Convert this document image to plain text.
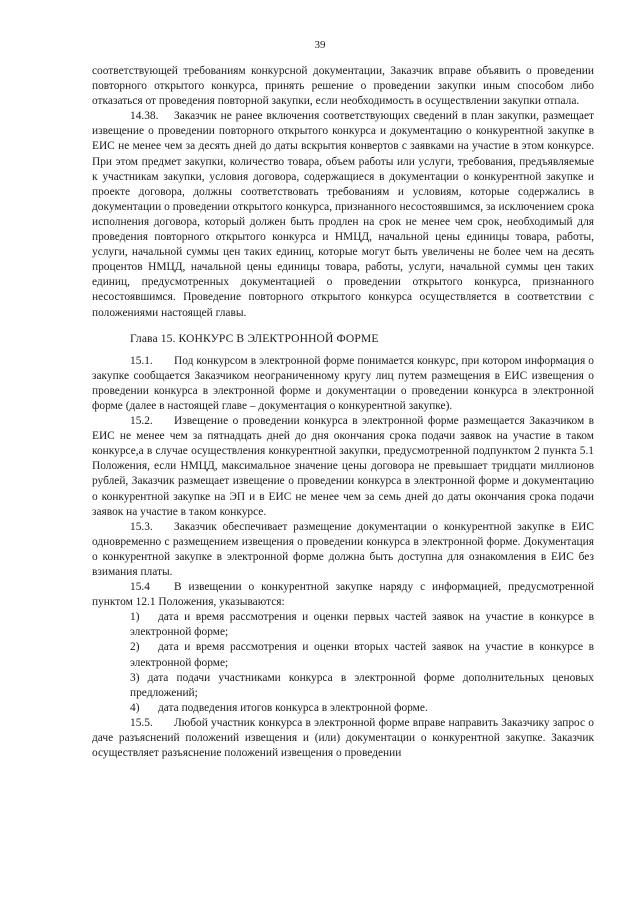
39

соответствующей требованиям конкурсной документации, Заказчик вправе объявить о проведении повторного открытого конкурса, принять решение о проведении закупки иным способом либо отказаться от проведения повторной закупки, если необходимость в осуществлении закупки отпала.

14.38. Заказчик не ранее включения соответствующих сведений в план закупки, размещает извещение о проведении повторного открытого конкурса и документацию о конкурентной закупке в ЕИС не менее чем за десять дней до даты вскрытия конвертов с заявками на участие в этом конкурсе. При этом предмет закупки, количество товара, объем работы или услуги, требования, предъявляемые к участникам закупки, условия договора, содержащиеся в документации о конкурентной закупке и проекте договора, должны соответствовать требованиям и условиям, которые содержались в документации о проведении открытого конкурса, признанного несостоявшимся, за исключением срока исполнения договора, который должен быть продлен на срок не менее чем срок, необходимый для проведения повторного открытого конкурса и НМЦД, начальной цены единицы товара, работы, услуги, начальной суммы цен таких единиц, которые могут быть увеличены не более чем на десять процентов НМЦД, начальной цены единицы товара, работы, услуги, начальной суммы цен таких единиц, предусмотренных документацией о проведении открытого конкурса, признанного несостоявшимся. Проведение повторного открытого конкурса осуществляется в соответствии с положениями настоящей главы.

Глава 15. КОНКУРС В ЭЛЕКТРОННОЙ ФОРМЕ

15.1. Под конкурсом в электронной форме понимается конкурс, при котором информация о закупке сообщается Заказчиком неограниченному кругу лиц путем размещения в ЕИС извещения о проведении конкурса в электронной форме и документации о проведении конкурса в электронной форме (далее в настоящей главе – документация о конкурентной закупке).

15.2. Извещение о проведении конкурса в электронной форме размещается Заказчиком в ЕИС не менее чем за пятнадцать дней до дня окончания срока подачи заявок на участие в таком конкурсе,а в случае осуществления конкурентной закупки, предусмотренной подпунктом 2 пункта 5.1 Положения, если НМЦД, максимальное значение цены договора не превышает тридцати миллионов рублей, Заказчик размещает извещение о проведении конкурса в электронной форме и документацию о конкурентной закупке на ЭП и в ЕИС не менее чем за семь дней до даты окончания срока подачи заявок на участие в таком конкурсе.

15.3. Заказчик обеспечивает размещение документации о конкурентной закупке в ЕИС одновременно с размещением извещения о проведении конкурса в электронной форме. Документация о конкурентной закупке в электронной форме должна быть доступна для ознакомления в ЕИС без взимания платы.

15.4 В извещении о конкурентной закупке наряду с информацией, предусмотренной пунктом 12.1 Положения, указываются:

1) дата и время рассмотрения и оценки первых частей заявок на участие в конкурсе в электронной форме;

2) дата и время рассмотрения и оценки вторых частей заявок на участие в конкурсе в электронной форме;

3) дата подачи участниками конкурса в электронной форме дополнительных ценовых предложений;

4) дата подведения итогов конкурса в электронной форме.

15.5. Любой участник конкурса в электронной форме вправе направить Заказчику запрос о даче разъяснений положений извещения и (или) документации о конкурентной закупке. Заказчик осуществляет разъяснение положений извещения о проведении
